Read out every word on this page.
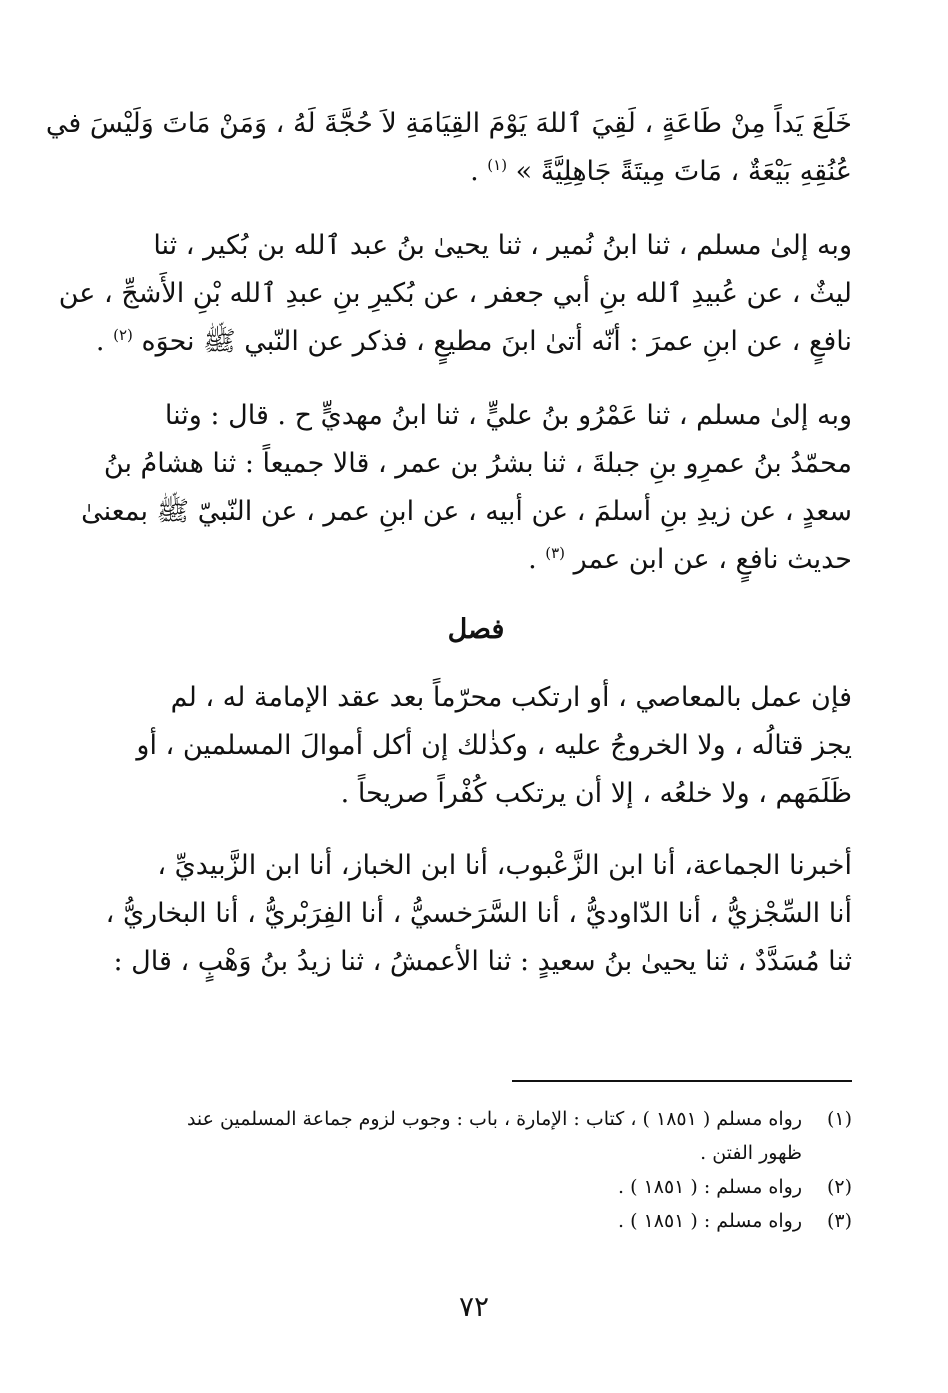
خَلَعَ يَداً مِنْ طَاعَةٍ ، لَقِيَ ٱللهَ يَوْمَ القِيَامَةِ لاَ حُجَّةَ لَهُ ، وَمَنْ مَاتَ وَلَيْسَ في
عُنُقِهِ بَيْعَةٌ ، مَاتَ مِيتَةً جَاهِلِيَّةً » $^{(١)}$ .

وبه إلىٰ مسلم ، ثنا ابنُ نُمير ، ثنا يحيىٰ بنُ عبد ٱلله بن بُكير ، ثنا
ليثٌ ، عن عُبيدِ ٱلله بنِ أبي جعفر ، عن بُكيرِ بنِ عبدِ ٱلله بْنِ الأَشجِّ ، عن
نافعٍ ، عن ابنِ عمرَ : أنّه أتىٰ ابنَ مطيعٍ ، فذكر عن النّبي ﷺ نحوَه $^{(٢)}$ .

وبه إلىٰ مسلم ، ثنا عَمْرُو بنُ عليٍّ ، ثنا ابنُ مهديٍّ ح . قال : وثنا
محمّدُ بنُ عمرِو بنِ جبلةَ ، ثنا بشرُ بن عمر ، قالا جميعاً : ثنا هشامُ بنُ
سعدٍ ، عن زيدِ بنِ أسلمَ ، عن أبيه ، عن ابنِ عمر ، عن النّبيّ ﷺ بمعنىٰ
حديث نافعٍ ، عن ابن عمر $^{(٣)}$ .

فصل

فإن عمل بالمعاصي ، أو ارتكب محرّماً بعد عقد الإمامة له ، لم
يجز قتالُه ، ولا الخروجُ عليه ، وكذٰلك إن أكل أموالَ المسلمين ، أو
ظَلَمَهم ، ولا خلعُه ، إلا أن يرتكب كُفْراً صريحاً .

أخبرنا الجماعة، أنا ابن الزَّعْبوب، أنا ابن الخباز، أنا ابن الزَّبيديِّ ،
أنا السِّجْزيُّ ، أنا الدّاوديُّ ، أنا السَّرَخسيُّ ، أنا الفِرَبْريُّ ، أنا البخاريُّ ،
ثنا مُسَدَّدٌ ، ثنا يحيىٰ بنُ سعيدٍ : ثنا الأعمشُ ، ثنا زيدُ بنُ وَهْبٍ ، قال :

(١)
رواه مسلم ( ١٨٥١ ) ، كتاب : الإمارة ، باب : وجوب لزوم جماعة المسلمين عند
ظهور الفتن .
(٢)
رواه مسلم : ( ١٨٥١ ) .
(٣)
رواه مسلم : ( ١٨٥١ ) .
٧٢
